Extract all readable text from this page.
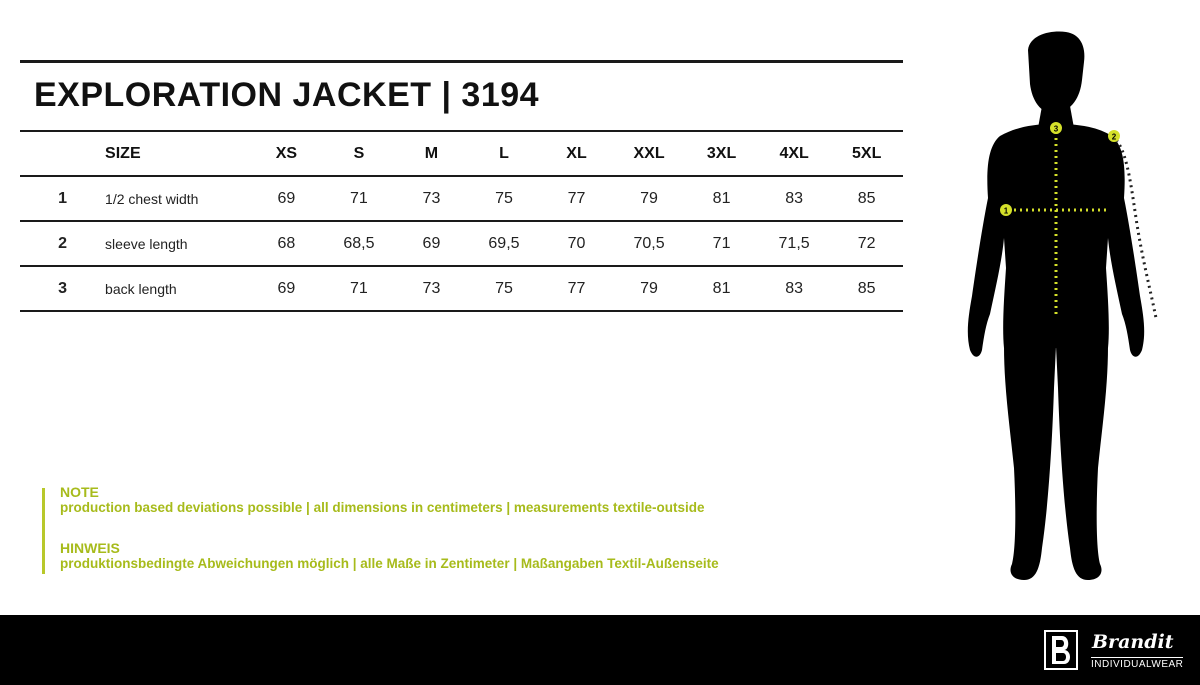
EXPLORATION JACKET | 3194
	SIZE	XS	S	M	L	XL	XXL	3XL	4XL	5XL
1	1/2 chest width	69	71	73	75	77	79	81	83	85
2	sleeve length	68	68,5	69	69,5	70	70,5	71	71,5	72
3	back length	69	71	73	75	77	79	81	83	85
NOTE
production based deviations possible | all dimensions in centimeters | measurements textile-outside
HINWEIS
produktionsbedingte Abweichungen möglich | alle Maße in Zentimeter | Maßangaben Textil-Außenseite
1
2
3
Brandit
INDIVIDUALWEAR
